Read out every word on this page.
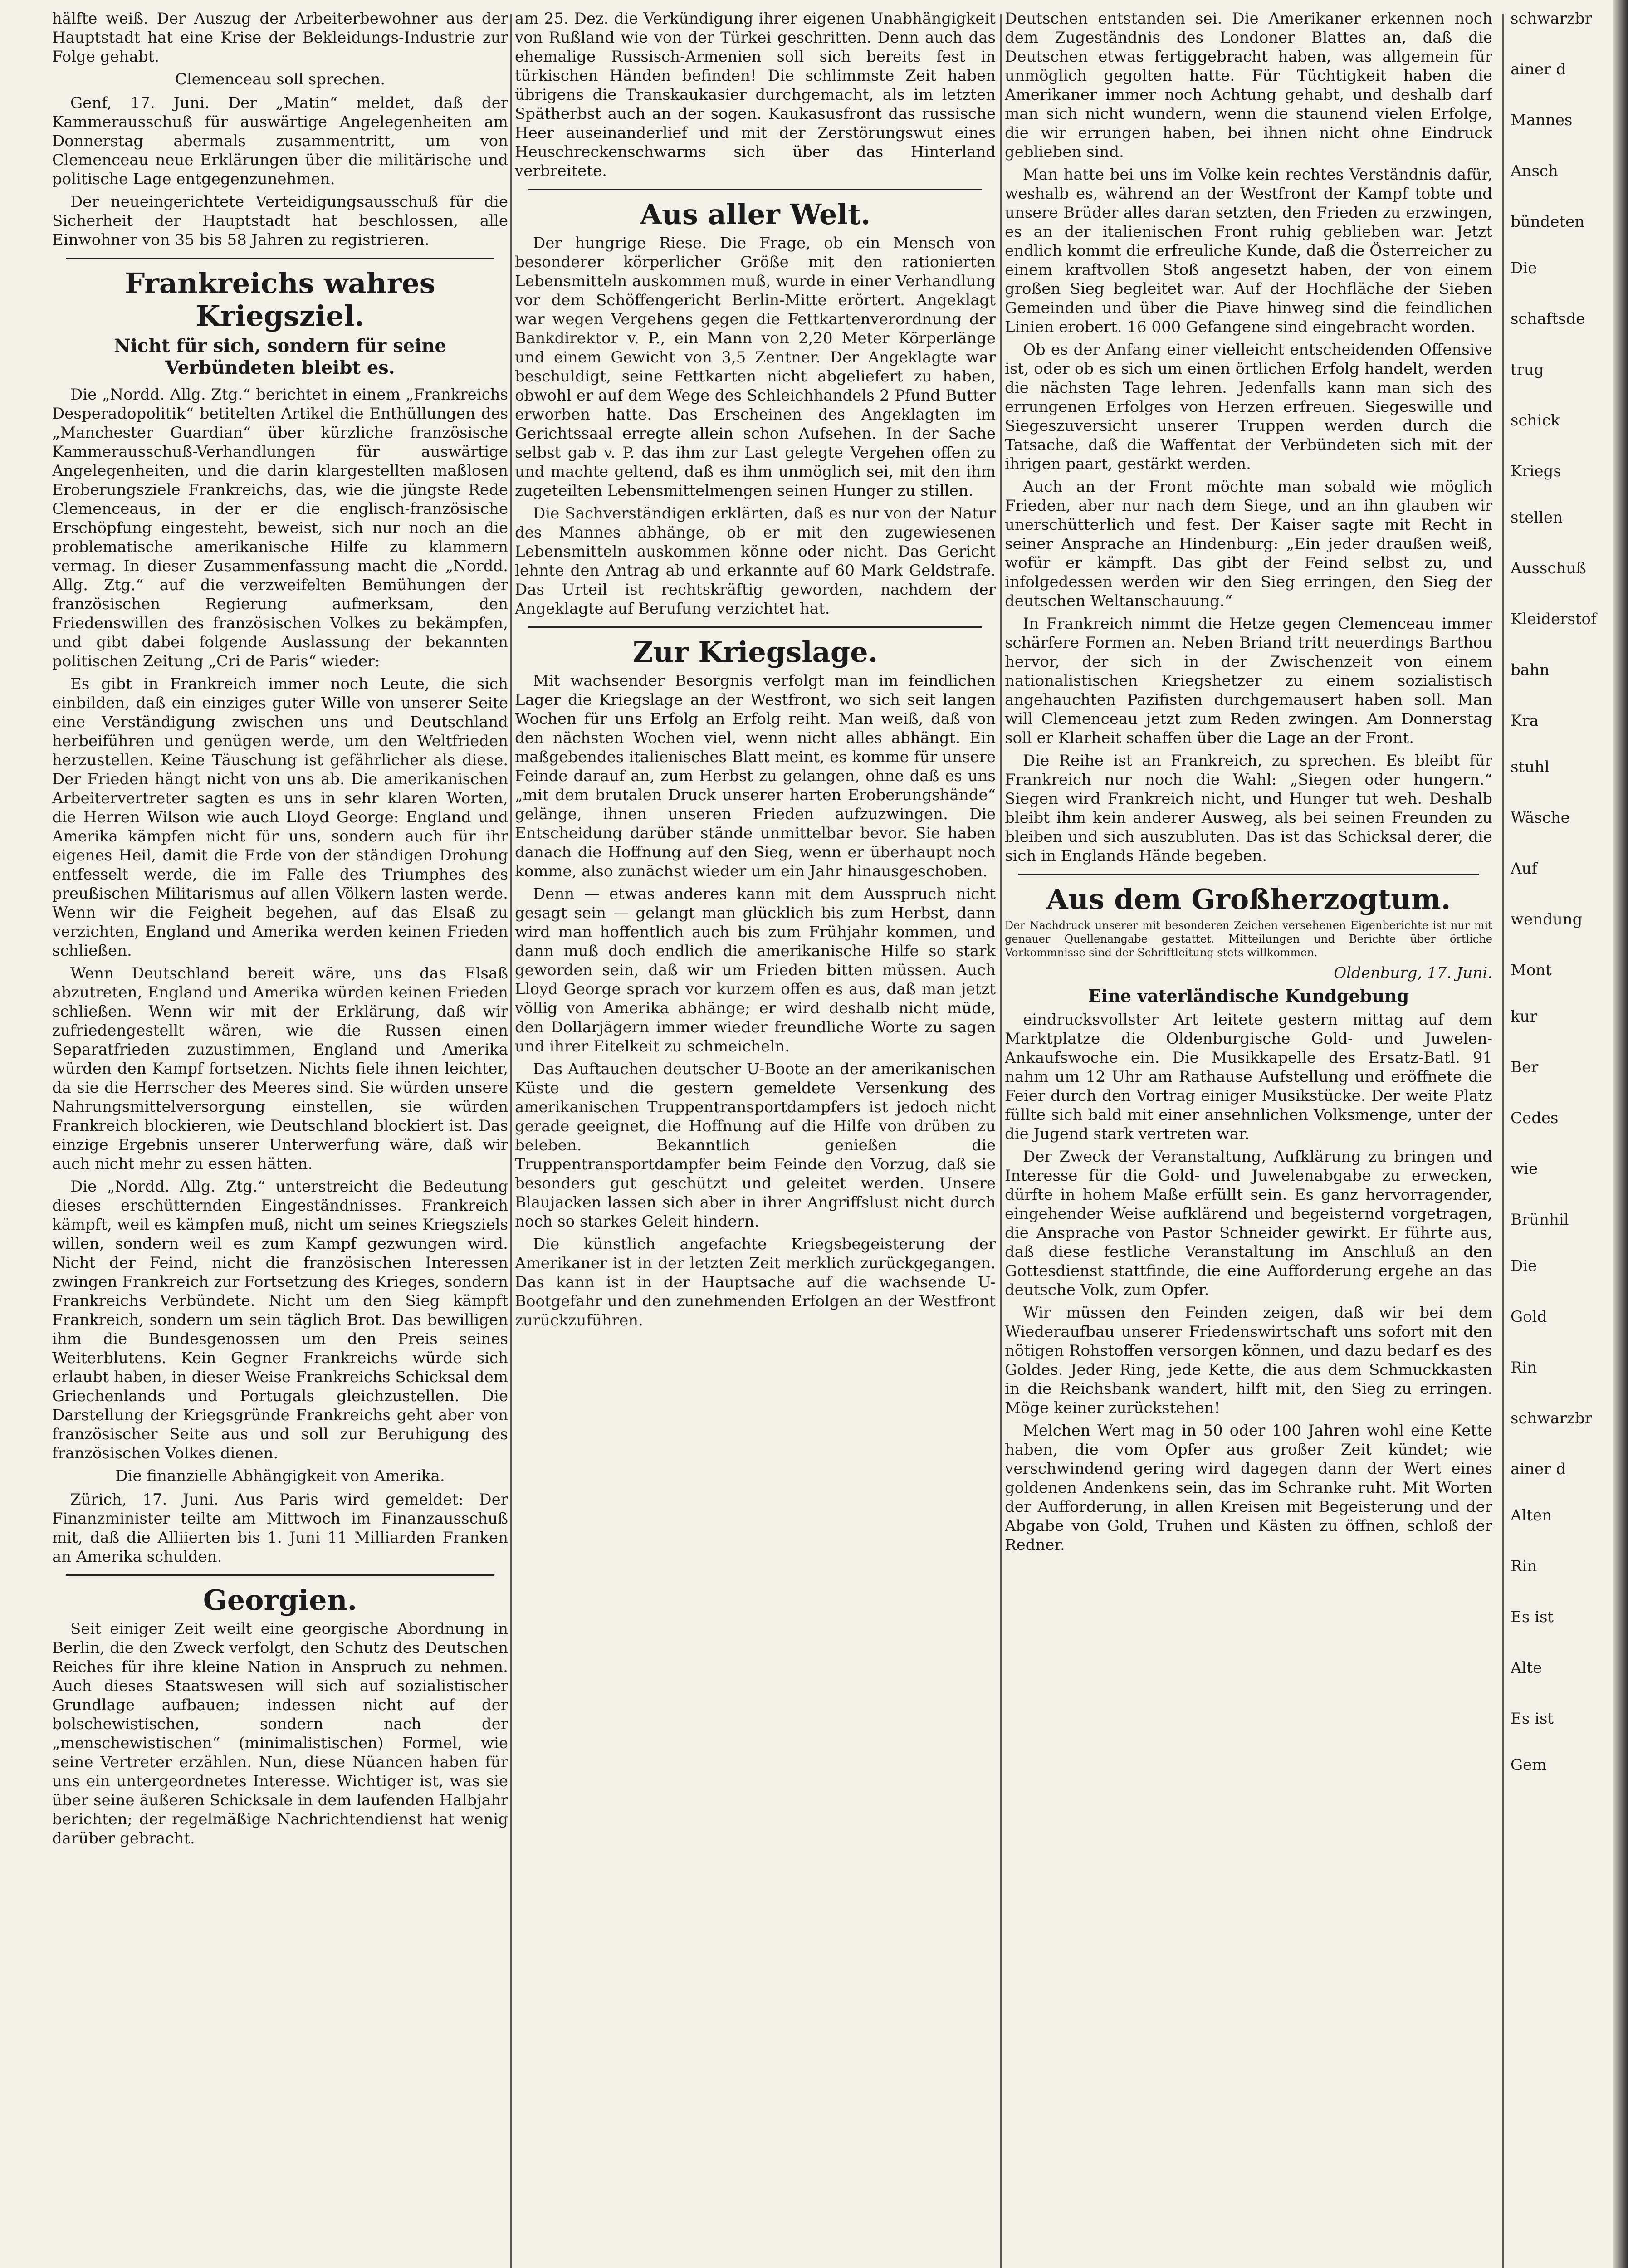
hälfte weiß. Der Auszug der Arbeiterbewohner aus der Hauptstadt hat eine Krise der Bekleidungs-Industrie zur Folge gehabt.

Clemenceau soll sprechen.

Genf, 17. Juni. Der „Matin“ meldet, daß der Kammerausschuß für auswärtige Angelegenheiten am Donnerstag abermals zusammentritt, um von Clemenceau neue Erklärungen über die militärische und politische Lage entgegenzunehmen.

Der neueingerichtete Verteidigungsausschuß für die Sicherheit der Hauptstadt hat beschlossen, alle Einwohner von 35 bis 58 Jahren zu registrieren.

Frankreichs wahres Kriegsziel.
Nicht für sich, sondern für seine Verbündeten bleibt es.

Die „Nordd. Allg. Ztg.“ berichtet in einem „Frankreichs Desperadopolitik“ betitelten Artikel die Enthüllungen des „Manchester Guardian“ über kürzliche französische Kammerausschuß-Verhandlungen für auswärtige Angelegenheiten, und die darin klargestellten maßlosen Eroberungsziele Frankreichs, das, wie die jüngste Rede Clemenceaus, in der er die englisch-französische Erschöpfung eingesteht, beweist, sich nur noch an die problematische amerikanische Hilfe zu klammern vermag. In dieser Zusammenfassung macht die „Nordd. Allg. Ztg.“ auf die verzweifelten Bemühungen der französischen Regierung aufmerksam, den Friedenswillen des französischen Volkes zu bekämpfen, und gibt dabei folgende Auslassung der bekannten politischen Zeitung „Cri de Paris“ wieder:

Es gibt in Frankreich immer noch Leute, die sich einbilden, daß ein einziges guter Wille von unserer Seite eine Verständigung zwischen uns und Deutschland herbeiführen und genügen werde, um den Weltfrieden herzustellen. Keine Täuschung ist gefährlicher als diese. Der Frieden hängt nicht von uns ab. Die amerikanischen Arbeitervertreter sagten es uns in sehr klaren Worten, die Herren Wilson wie auch Lloyd George: England und Amerika kämpfen nicht für uns, sondern auch für ihr eigenes Heil, damit die Erde von der ständigen Drohung entfesselt werde, die im Falle des Triumphes des preußischen Militarismus auf allen Völkern lasten werde. Wenn wir die Feigheit begehen, auf das Elsaß zu verzichten, England und Amerika werden keinen Frieden schließen.

Wenn Deutschland bereit wäre, uns das Elsaß abzutreten, England und Amerika würden keinen Frieden schließen. Wenn wir mit der Erklärung, daß wir zufriedengestellt wären, wie die Russen einen Separatfrieden zuzustimmen, England und Amerika würden den Kampf fortsetzen. Nichts fiele ihnen leichter, da sie die Herrscher des Meeres sind. Sie würden unsere Nahrungsmittelversorgung einstellen, sie würden Frankreich blockieren, wie Deutschland blockiert ist. Das einzige Ergebnis unserer Unterwerfung wäre, daß wir auch nicht mehr zu essen hätten.

Die „Nordd. Allg. Ztg.“ unterstreicht die Bedeutung dieses erschütternden Eingeständnisses. Frankreich kämpft, weil es kämpfen muß, nicht um seines Kriegsziels willen, sondern weil es zum Kampf gezwungen wird. Nicht der Feind, nicht die französischen Interessen zwingen Frankreich zur Fortsetzung des Krieges, sondern Frankreichs Verbündete. Nicht um den Sieg kämpft Frankreich, sondern um sein täglich Brot. Das bewilligen ihm die Bundesgenossen um den Preis seines Weiterblutens. Kein Gegner Frankreichs würde sich erlaubt haben, in dieser Weise Frankreichs Schicksal dem Griechenlands und Portugals gleichzustellen. Die Darstellung der Kriegsgründe Frankreichs geht aber von französischer Seite aus und soll zur Beruhigung des französischen Volkes dienen.

Die finanzielle Abhängigkeit von Amerika.

Zürich, 17. Juni. Aus Paris wird gemeldet: Der Finanzminister teilte am Mittwoch im Finanzausschuß mit, daß die Alliierten bis 1. Juni 11 Milliarden Franken an Amerika schulden.

Georgien.

Seit einiger Zeit weilt eine georgische Abordnung in Berlin, die den Zweck verfolgt, den Schutz des Deutschen Reiches für ihre kleine Nation in Anspruch zu nehmen. Auch dieses Staatswesen will sich auf sozialistischer Grundlage aufbauen; indessen nicht auf der bolschewistischen, sondern nach der „menschewistischen“ (minimalistischen) Formel, wie seine Vertreter erzählen. Nun, diese Nüancen haben für uns ein untergeordnetes Interesse. Wichtiger ist, was sie über seine äußeren Schicksale in dem laufenden Halbjahr berichten; der regelmäßige Nachrichtendienst hat wenig darüber gebracht.

am 25. Dez. die Verkündigung ihrer eigenen Unabhängigkeit von Rußland wie von der Türkei geschritten. Denn auch das ehemalige Russisch-Armenien soll sich bereits fest in türkischen Händen befinden! Die schlimmste Zeit haben übrigens die Transkaukasier durchgemacht, als im letzten Spätherbst auch an der sogen. Kaukasusfront das russische Heer auseinanderlief und mit der Zerstörungswut eines Heuschreckenschwarms sich über das Hinterland verbreitete.

Aus aller Welt.

Der hungrige Riese. Die Frage, ob ein Mensch von besonderer körperlicher Größe mit den rationierten Lebensmitteln auskommen muß, wurde in einer Verhandlung vor dem Schöffengericht Berlin-Mitte erörtert. Angeklagt war wegen Vergehens gegen die Fettkartenverordnung der Bankdirektor v. P., ein Mann von 2,20 Meter Körperlänge und einem Gewicht von 3,5 Zentner. Der Angeklagte war beschuldigt, seine Fettkarten nicht abgeliefert zu haben, obwohl er auf dem Wege des Schleichhandels 2 Pfund Butter erworben hatte. Das Erscheinen des Angeklagten im Gerichtssaal erregte allein schon Aufsehen. In der Sache selbst gab v. P. das ihm zur Last gelegte Vergehen offen zu und machte geltend, daß es ihm unmöglich sei, mit den ihm zugeteilten Lebensmittelmengen seinen Hunger zu stillen.

Die Sachverständigen erklärten, daß es nur von der Natur des Mannes abhänge, ob er mit den zugewiesenen Lebensmitteln auskommen könne oder nicht. Das Gericht lehnte den Antrag ab und erkannte auf 60 Mark Geldstrafe. Das Urteil ist rechtskräftig geworden, nachdem der Angeklagte auf Berufung verzichtet hat.

Zur Kriegslage.

Mit wachsender Besorgnis verfolgt man im feindlichen Lager die Kriegslage an der Westfront, wo sich seit langen Wochen für uns Erfolg an Erfolg reiht. Man weiß, daß von den nächsten Wochen viel, wenn nicht alles abhängt. Ein maßgebendes italienisches Blatt meint, es komme für unsere Feinde darauf an, zum Herbst zu gelangen, ohne daß es uns „mit dem brutalen Druck unserer harten Eroberungshände“ gelänge, ihnen unseren Frieden aufzuzwingen. Die Entscheidung darüber stände unmittelbar bevor. Sie haben danach die Hoffnung auf den Sieg, wenn er überhaupt noch komme, also zunächst wieder um ein Jahr hinausgeschoben.

Denn — etwas anderes kann mit dem Ausspruch nicht gesagt sein — gelangt man glücklich bis zum Herbst, dann wird man hoffentlich auch bis zum Frühjahr kommen, und dann muß doch endlich die amerikanische Hilfe so stark geworden sein, daß wir um Frieden bitten müssen. Auch Lloyd George sprach vor kurzem offen es aus, daß man jetzt völlig von Amerika abhänge; er wird deshalb nicht müde, den Dollarjägern immer wieder freundliche Worte zu sagen und ihrer Eitelkeit zu schmeicheln.

Das Auftauchen deutscher U-Boote an der amerikanischen Küste und die gestern gemeldete Versenkung des amerikanischen Truppentransportdampfers ist jedoch nicht gerade geeignet, die Hoffnung auf die Hilfe von drüben zu beleben. Bekanntlich genießen die Truppentransportdampfer beim Feinde den Vorzug, daß sie besonders gut geschützt und geleitet werden. Unsere Blaujacken lassen sich aber in ihrer Angriffslust nicht durch noch so starkes Geleit hindern.

Die künstlich angefachte Kriegsbegeisterung der Amerikaner ist in der letzten Zeit merklich zurückgegangen. Das kann ist in der Hauptsache auf die wachsende U-Bootgefahr und den zunehmenden Erfolgen an der Westfront zurückzuführen.

Deutschen entstanden sei. Die Amerikaner erkennen noch dem Zugeständnis des Londoner Blattes an, daß die Deutschen etwas fertiggebracht haben, was allgemein für unmöglich gegolten hatte. Für Tüchtigkeit haben die Amerikaner immer noch Achtung gehabt, und deshalb darf man sich nicht wundern, wenn die staunend vielen Erfolge, die wir errungen haben, bei ihnen nicht ohne Eindruck geblieben sind.

Man hatte bei uns im Volke kein rechtes Verständnis dafür, weshalb es, während an der Westfront der Kampf tobte und unsere Brüder alles daran setzten, den Frieden zu erzwingen, es an der italienischen Front ruhig geblieben war. Jetzt endlich kommt die erfreuliche Kunde, daß die Österreicher zu einem kraftvollen Stoß angesetzt haben, der von einem großen Sieg begleitet war. Auf der Hochfläche der Sieben Gemeinden und über die Piave hinweg sind die feindlichen Linien erobert. 16 000 Gefangene sind eingebracht worden.

Ob es der Anfang einer vielleicht entscheidenden Offensive ist, oder ob es sich um einen örtlichen Erfolg handelt, werden die nächsten Tage lehren. Jedenfalls kann man sich des errungenen Erfolges von Herzen erfreuen. Siegeswille und Siegeszuversicht unserer Truppen werden durch die Tatsache, daß die Waffentat der Verbündeten sich mit der ihrigen paart, gestärkt werden.

Auch an der Front möchte man sobald wie möglich Frieden, aber nur nach dem Siege, und an ihn glauben wir unerschütterlich und fest. Der Kaiser sagte mit Recht in seiner Ansprache an Hindenburg: „Ein jeder draußen weiß, wofür er kämpft. Das gibt der Feind selbst zu, und infolgedessen werden wir den Sieg erringen, den Sieg der deutschen Weltanschauung.“

In Frankreich nimmt die Hetze gegen Clemenceau immer schärfere Formen an. Neben Briand tritt neuerdings Barthou hervor, der sich in der Zwischenzeit von einem nationalistischen Kriegshetzer zu einem sozialistisch angehauchten Pazifisten durchgemausert haben soll. Man will Clemenceau jetzt zum Reden zwingen. Am Donnerstag soll er Klarheit schaffen über die Lage an der Front.

Die Reihe ist an Frankreich, zu sprechen. Es bleibt für Frankreich nur noch die Wahl: „Siegen oder hungern.“ Siegen wird Frankreich nicht, und Hunger tut weh. Deshalb bleibt ihm kein anderer Ausweg, als bei seinen Freunden zu bleiben und sich auszubluten. Das ist das Schicksal derer, die sich in Englands Hände begeben.

Aus dem Großherzogtum.
Der Nachdruck unserer mit besonderen Zeichen versehenen Eigenberichte ist nur mit genauer Quellenangabe gestattet. Mitteilungen und Berichte über örtliche Vorkommnisse sind der Schriftleitung stets willkommen.
Oldenburg, 17. Juni.
Eine vaterländische Kundgebung

eindrucksvollster Art leitete gestern mittag auf dem Marktplatze die Oldenburgische Gold- und Juwelen-Ankaufswoche ein. Die Musikkapelle des Ersatz-Batl. 91 nahm um 12 Uhr am Rathause Aufstellung und eröffnete die Feier durch den Vortrag einiger Musikstücke. Der weite Platz füllte sich bald mit einer ansehnlichen Volksmenge, unter der die Jugend stark vertreten war.

Der Zweck der Veranstaltung, Aufklärung zu bringen und Interesse für die Gold- und Juwelenabgabe zu erwecken, dürfte in hohem Maße erfüllt sein. Es ganz hervorragender, eingehender Weise aufklärend und begeisternd vorgetragen, die Ansprache von Pastor Schneider gewirkt. Er führte aus, daß diese festliche Veranstaltung im Anschluß an den Gottesdienst stattfinde, die eine Aufforderung ergehe an das deutsche Volk, zum Opfer.

Wir müssen den Feinden zeigen, daß wir bei dem Wiederaufbau unserer Friedenswirtschaft uns sofort mit den nötigen Rohstoffen versorgen können, und dazu bedarf es des Goldes. Jeder Ring, jede Kette, die aus dem Schmuckkasten in die Reichsbank wandert, hilft mit, den Sieg zu erringen. Möge keiner zurückstehen!

Melchen Wert mag in 50 oder 100 Jahren wohl eine Kette haben, die vom Opfer aus großer Zeit kündet; wie verschwindend gering wird dagegen dann der Wert eines goldenen Andenkens sein, das im Schranke ruht. Mit Worten der Aufforderung, in allen Kreisen mit Begeisterung und der Abgabe von Gold, Truhen und Kästen zu öffnen, schloß der Redner.

schwarzbr
ainer d
Mannes
Ansch
bündeten
Die
schaftsde
trug
schick
Kriegs
stellen
Ausschuß
Kleiderstof
bahn
Kra
stuhl
Wäsche
Auf
wendung
Mont
kur
Ber
Cedes
wie
Brünhil
Die
Gold
Rin
schwarzbr
ainer d
Alten
Rin
Es ist
Alte
Es ist
Gem
